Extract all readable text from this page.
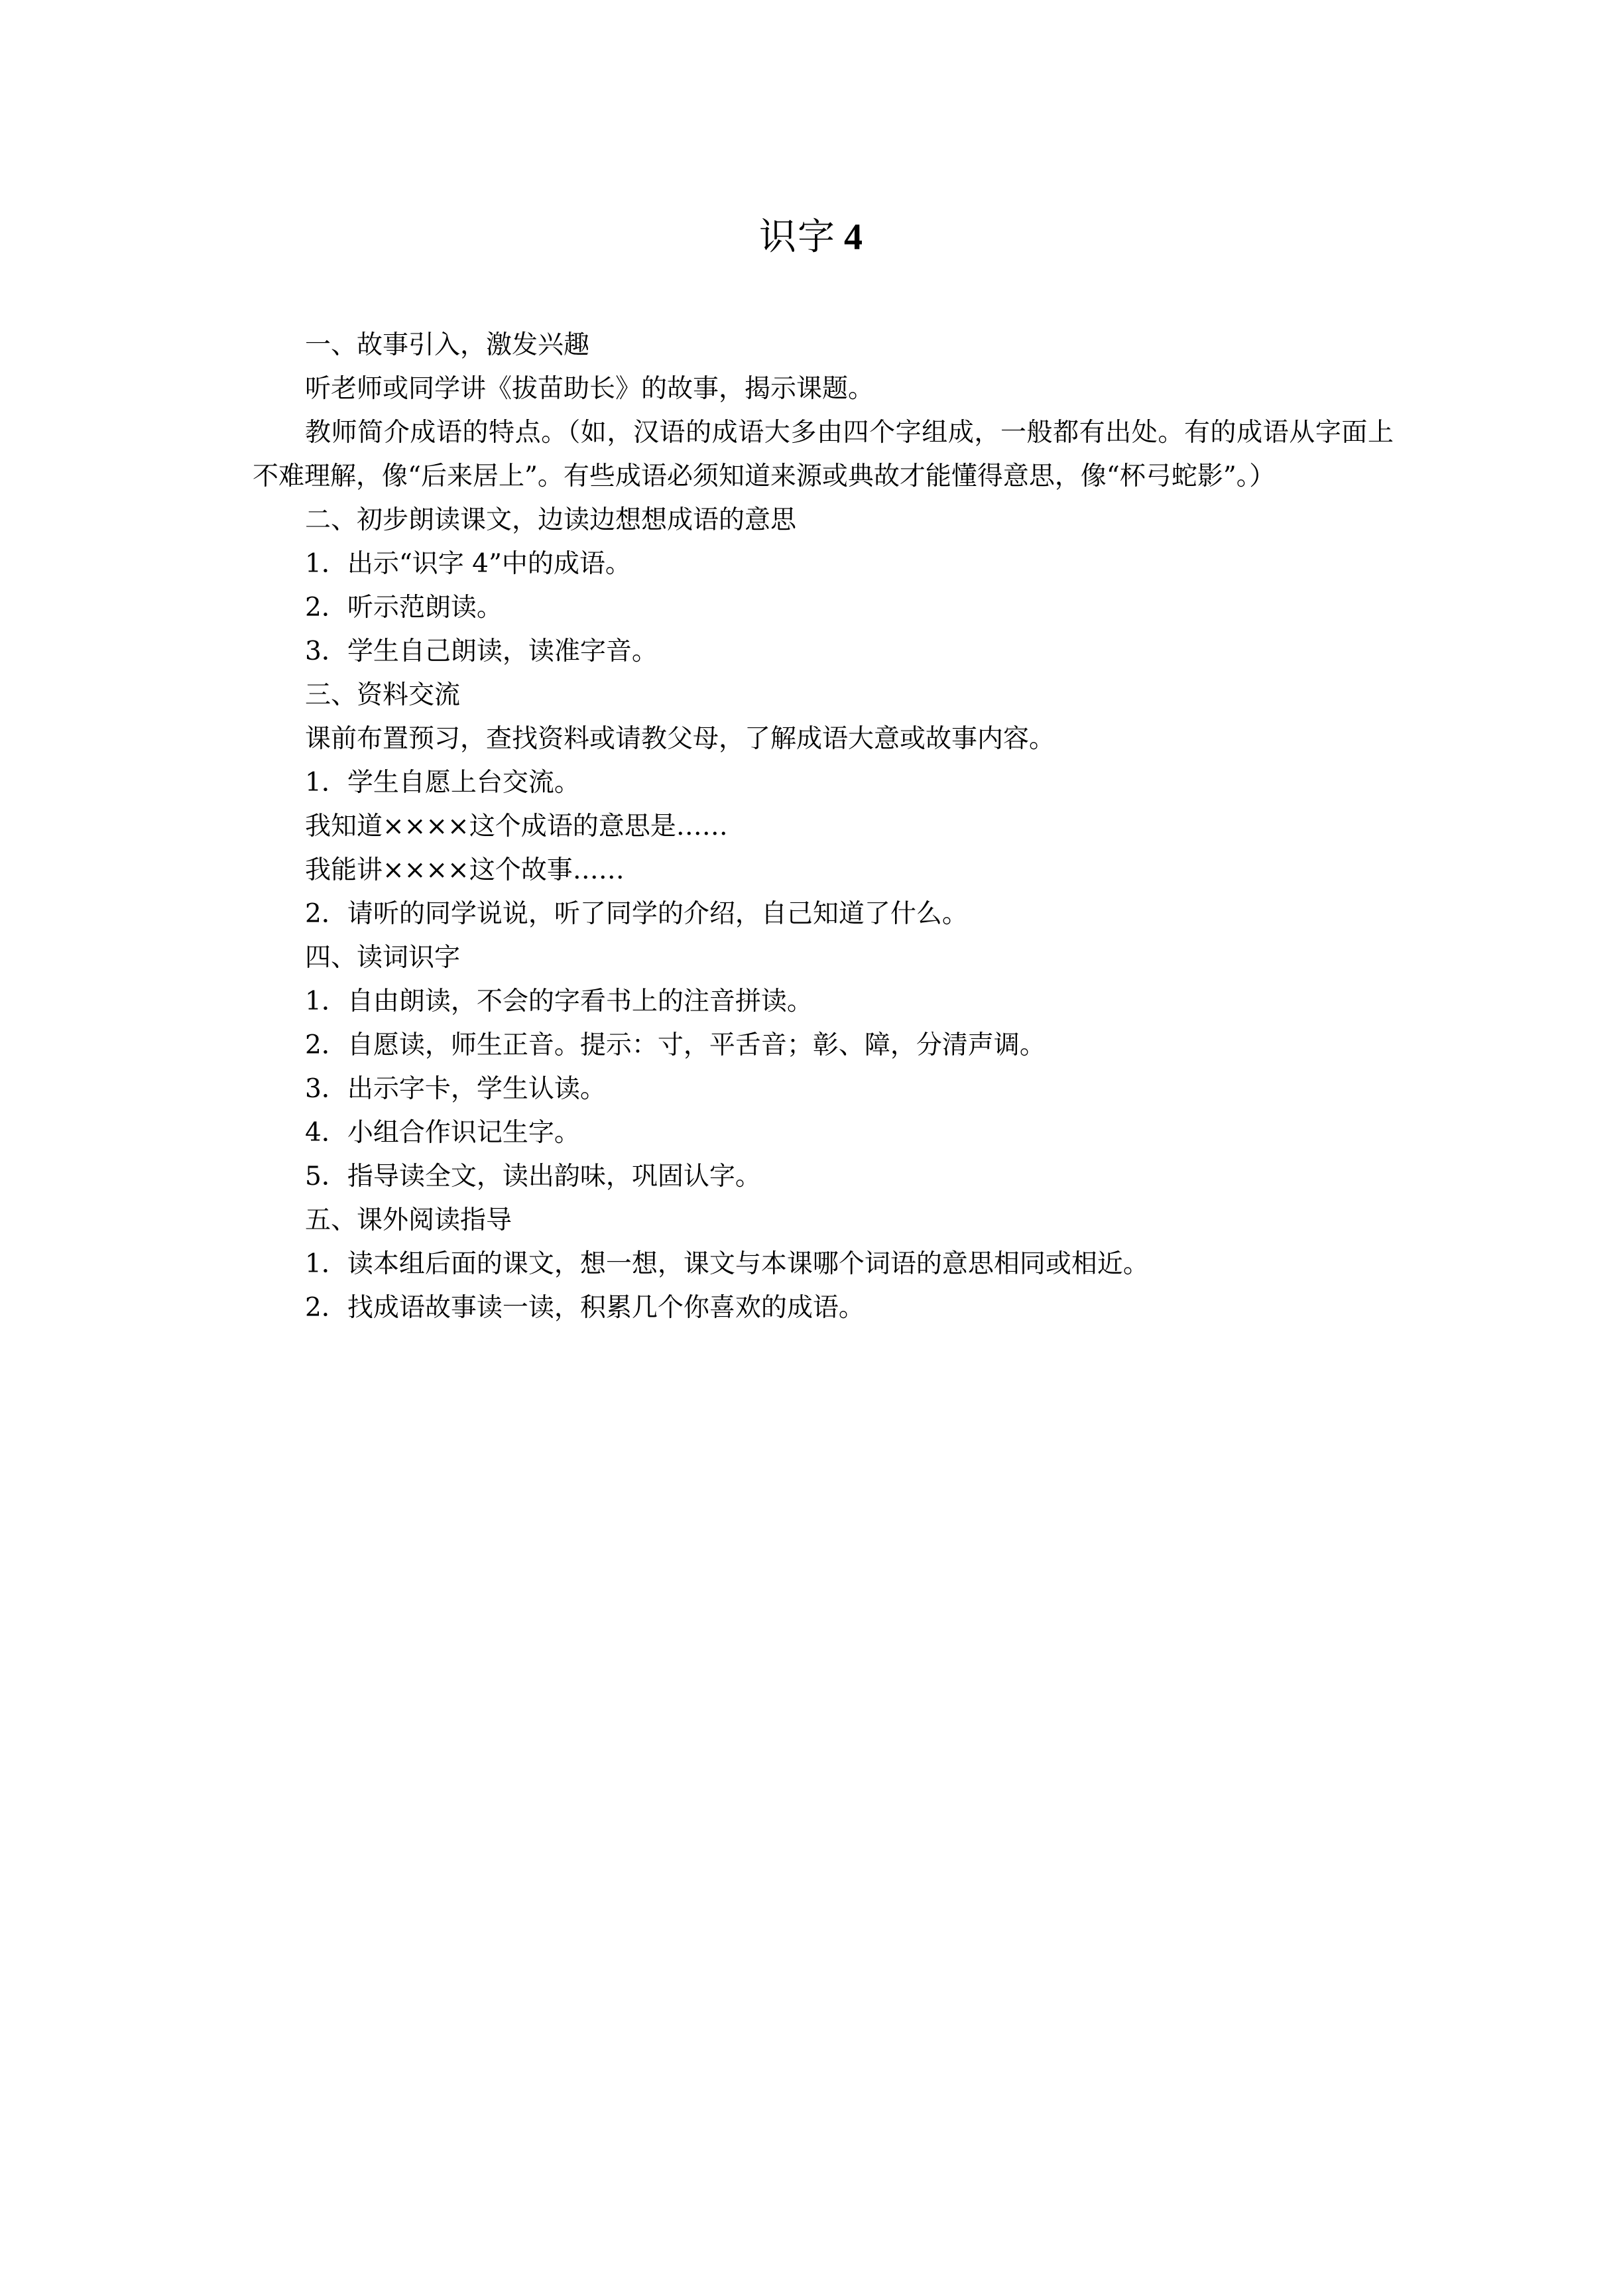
识字 4

一、故事引入，激发兴趣

听老师或同学讲《拔苗助长》的故事，揭示课题。

教师简介成语的特点。（如，汉语的成语大多由四个字组成，一般都有出处。有的成语从字面上不难理解，像“后来居上”。有些成语必须知道来源或典故才能懂得意思，像“杯弓蛇影”。）

二、初步朗读课文，边读边想想成语的意思

1．出示“识字 4”中的成语。

2．听示范朗读。

3．学生自己朗读，读准字音。

三、资料交流

课前布置预习，查找资料或请教父母，了解成语大意或故事内容。

1．学生自愿上台交流。

我知道××××这个成语的意思是……

我能讲××××这个故事……

2．请听的同学说说，听了同学的介绍，自己知道了什么。

四、读词识字

1．自由朗读，不会的字看书上的注音拼读。

2．自愿读，师生正音。提示：寸，平舌音；彰、障，分清声调。

3．出示字卡，学生认读。

4．小组合作识记生字。

5．指导读全文，读出韵味，巩固认字。

五、课外阅读指导

1．读本组后面的课文，想一想，课文与本课哪个词语的意思相同或相近。

2．找成语故事读一读，积累几个你喜欢的成语。
